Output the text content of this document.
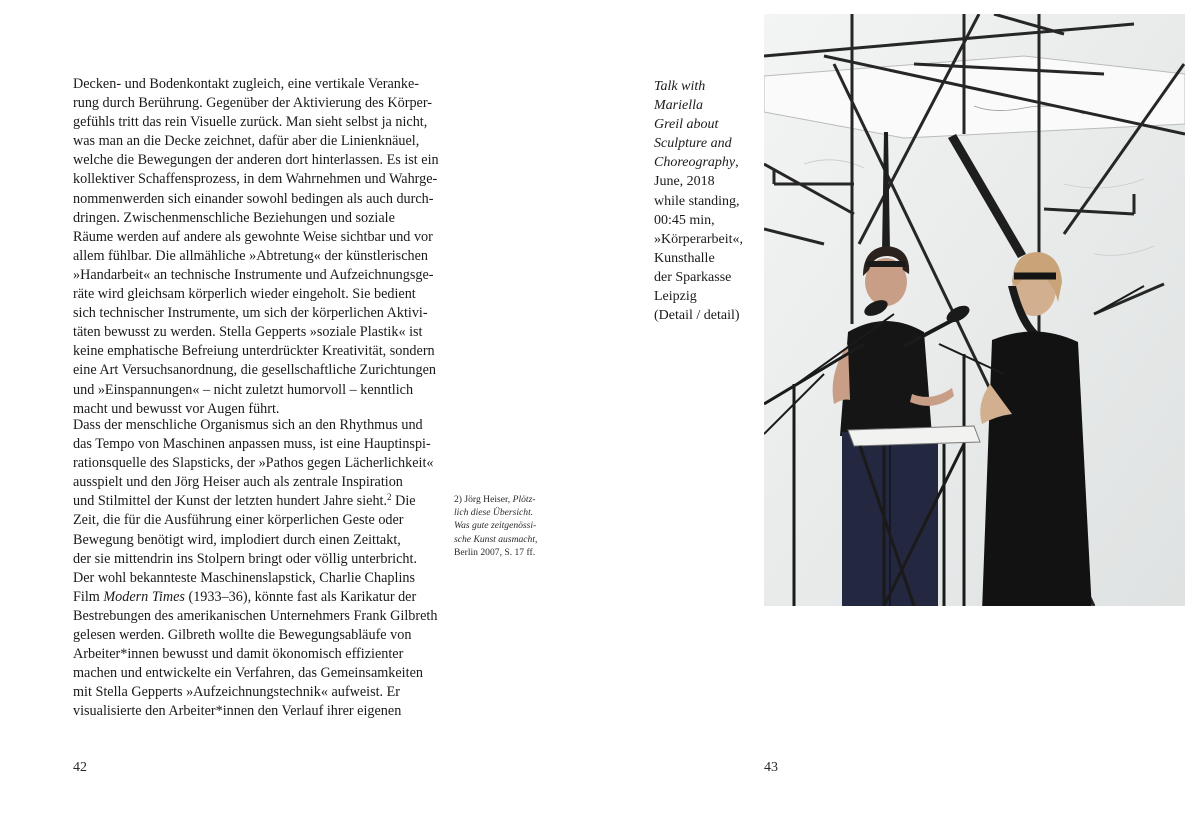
Decken- und Bodenkontakt zugleich, eine vertikale Veranke-
rung durch Berührung. Gegenüber der Aktivierung des Körper-
gefühls tritt das rein Visuelle zurück. Man sieht selbst ja nicht,
was man an die Decke zeichnet, dafür aber die Linienknäuel,
welche die Bewegungen der anderen dort hinterlassen. Es ist ein
kollektiver Schaffensprozess, in dem Wahrnehmen und Wahrge-
nommenwerden sich einander sowohl bedingen als auch durch-
dringen. Zwischenmenschliche Beziehungen und soziale
Räume werden auf andere als gewohnte Weise sichtbar und vor
allem fühlbar. Die allmähliche »Abtretung« der künstlerischen
»Handarbeit« an technische Instrumente und Aufzeichnungsge-
räte wird gleichsam körperlich wieder eingeholt. Sie bedient
sich technischer Instrumente, um sich der körperlichen Aktivi-
täten bewusst zu werden. Stella Gepperts »soziale Plastik« ist
keine emphatische Befreiung unterdrückter Kreativität, sondern
eine Art Versuchsanordnung, die gesellschaftliche Zurichtungen
und »Einspannungen« – nicht zuletzt humorvoll – kenntlich
macht und bewusst vor Augen führt.

Dass der menschliche Organismus sich an den Rhythmus und
das Tempo von Maschinen anpassen muss, ist eine Hauptinspi-
rationsquelle des Slapsticks, der »Pathos gegen Lächerlichkeit«
ausspielt und den Jörg Heiser auch als zentrale Inspiration
und Stilmittel der Kunst der letzten hundert Jahre sieht.$^2$ Die
Zeit, die für die Ausführung einer körperlichen Geste oder
Bewegung benötigt wird, implodiert durch einen Zeittakt,
der sie mittendrin ins Stolpern bringt oder völlig unterbricht.
Der wohl bekannteste Maschinenslapstick, Charlie Chaplins
Film Modern Times (1933–36), könnte fast als Karikatur der
Bestrebungen des amerikanischen Unternehmers Frank Gilbreth
gelesen werden. Gilbreth wollte die Bewegungsabläufe von
Arbeiter*innen bewusst und damit ökonomisch effizienter
machen und entwickelte ein Verfahren, das Gemeinsamkeiten
mit Stella Gepperts »Aufzeichnungstechnik« aufweist. Er
visualisierte den Arbeiter*innen den Verlauf ihrer eigenen

2) Jörg Heiser, Plötz-
lich diese Übersicht.
Was gute zeitgenössi-
sche Kunst ausmacht,
Berlin 2007, S. 17 ff.
42
Talk with
Mariella
Greil about
Sculpture and
Choreography,
June, 2018
while standing,
00:45 min,
»Körperarbeit«,
Kunsthalle
der Sparkasse
Leipzig
(Detail / detail)
43
